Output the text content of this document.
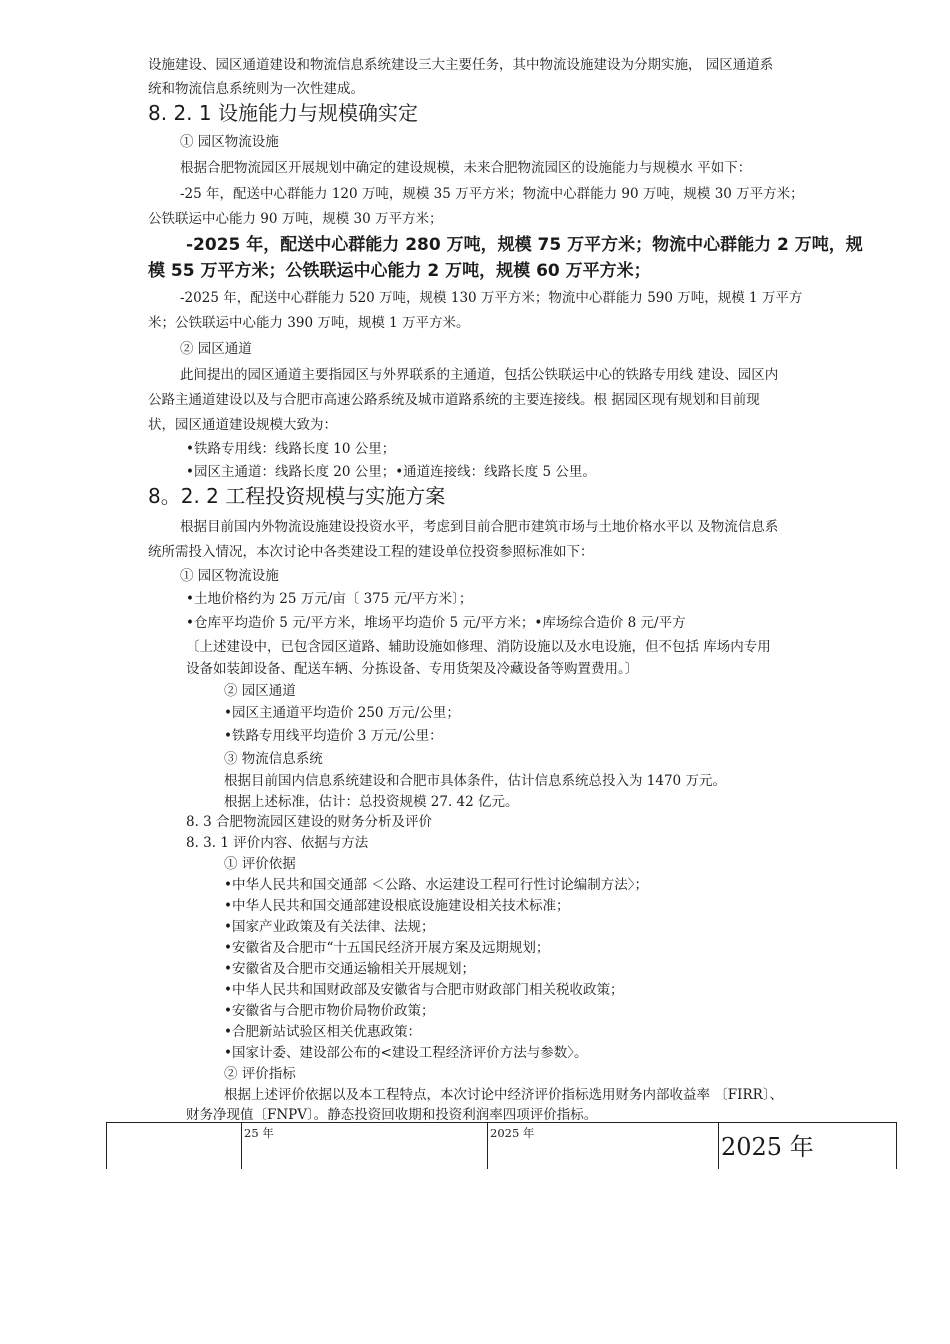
设施建设、园区通道建设和物流信息系统建设三大主要任务，其中物流设施建设为分期实施， 园区通道系
统和物流信息系统则为一次性建成。
8. 2. 1 设施能力与规模确实定
① 园区物流设施
根据合肥物流园区开展规划中确定的建设规模，未来合肥物流园区的设施能力与规模水 平如下：
-25 年，配送中心群能力 120 万吨，规模 35 万平方米；物流中心群能力 90 万吨，规模 30 万平方米；
公铁联运中心能力 90 万吨，规模 30 万平方米；
-2025 年，配送中心群能力 280 万吨，规模 75 万平方米；物流中心群能力 2 万吨，规
模 55 万平方米；公铁联运中心能力 2 万吨，规模 60 万平方米；
-2025 年，配送中心群能力 520 万吨，规模 130 万平方米；物流中心群能力 590 万吨，规模 1 万平方
米；公铁联运中心能力 390 万吨，规模 1 万平方米。
② 园区通道
此间提出的园区通道主要指园区与外界联系的主通道，包括公铁联运中心的铁路专用线 建设、园区内
公路主通道建设以及与合肥市高速公路系统及城市道路系统的主要连接线。根 据园区现有规划和目前现
状，园区通道建设规模大致为：
•铁路专用线：线路长度 10 公里；
•园区主通道：线路长度 20 公里；•通道连接线：线路长度 5 公里。
8。2. 2 工程投资规模与实施方案
根据目前国内外物流设施建设投资水平，考虑到目前合肥市建筑市场与土地价格水平以 及物流信息系
统所需投入情况，本次讨论中各类建设工程的建设单位投资参照标准如下：
① 园区物流设施
•土地价格约为 25 万元/亩〔 375 元/平方米〕；
•仓库平均造价 5 元/平方米，堆场平均造价 5 元/平方米；•库场综合造价 8 元/平方
〔上述建设中，已包含园区道路、辅助设施如修理、消防设施以及水电设施，但不包括 库场内专用
设备如装卸设备、配送车辆、分拣设备、专用货架及冷藏设备等购置费用。〕
② 园区通道
•园区主通道平均造价 250 万元/公里；
•铁路专用线平均造价 3 万元/公里：
③ 物流信息系统
根据目前国内信息系统建设和合肥市具体条件，估计信息系统总投入为 1470 万元。
根据上述标准，估计：总投资规模 27. 42 亿元。
8. 3 合肥物流园区建设的财务分析及评价
8. 3. 1 评价内容、依据与方法
① 评价依据
•中华人民共和国交通部 ＜公路、水运建设工程可行性讨论编制方法〉；
•中华人民共和国交通部建设根底设施建设相关技术标准；
•国家产业政策及有关法律、法规；
•安徽省及合肥市“十五国民经济开展方案及远期规划；
•安徽省及合肥市交通运输相关开展规划；
•中华人民共和国财政部及安徽省与合肥市财政部门相关税收政策；
•安徽省与合肥市物价局物价政策；
•合肥新站试验区相关优惠政策：
•国家计委、建设部公布的<建设工程经济评价方法与参数〉。
② 评价指标
根据上述评价依据以及本工程特点，本次讨论中经济评价指标选用财务内部收益率 〔FIRR〕、
财务净现值〔FNPV〕。静态投资回收期和投资利润率四项评价指标。
	25 年	2025 年	2025 年
